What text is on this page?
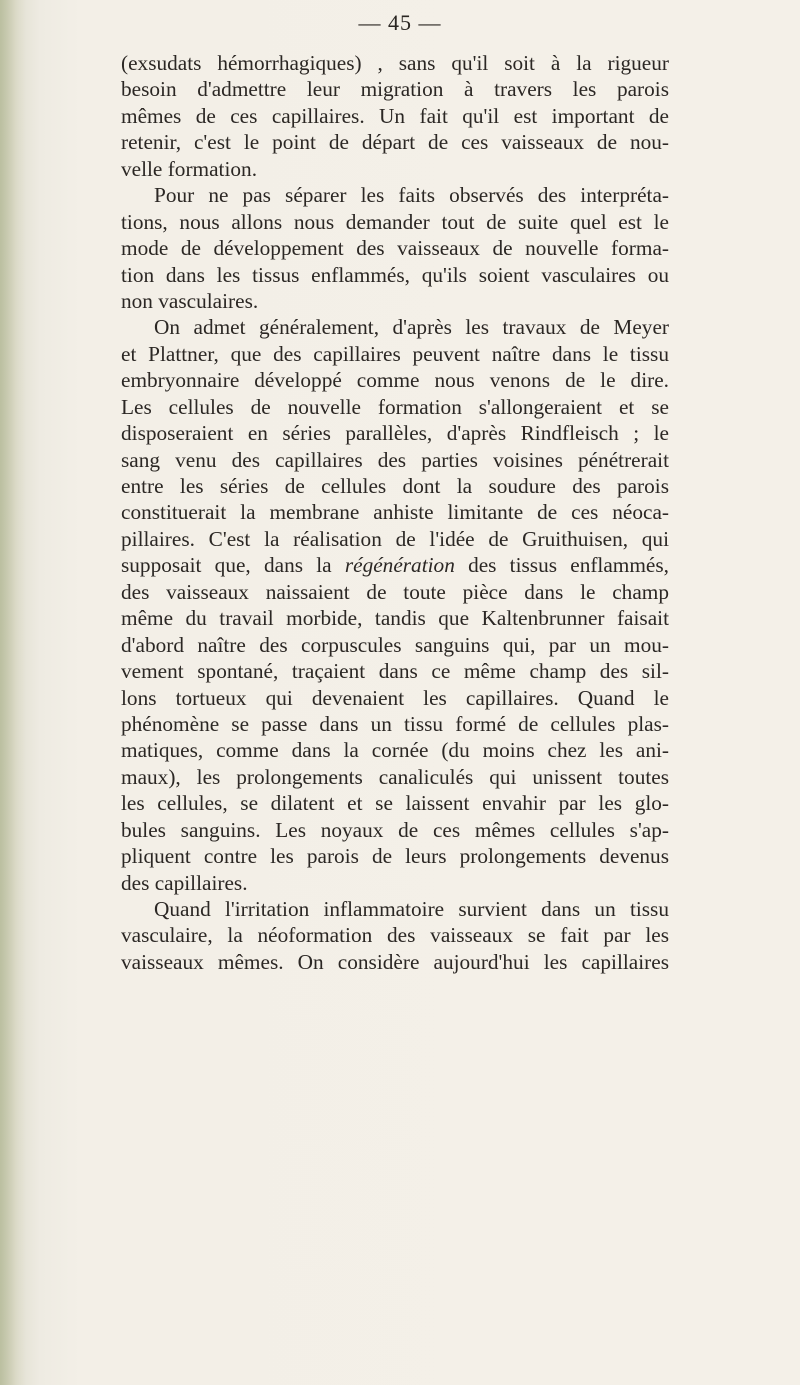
— 45 —
(exsudats hémorrhagiques) , sans qu'il soit à la rigueur
besoin d'admettre leur migration à travers les parois
mêmes de ces capillaires. Un fait qu'il est important de
retenir, c'est le point de départ de ces vaisseaux de nou-
velle formation.
Pour ne pas séparer les faits observés des interpréta-
tions, nous allons nous demander tout de suite quel est le
mode de développement des vaisseaux de nouvelle forma-
tion dans les tissus enflammés, qu'ils soient vasculaires ou
non vasculaires.
On admet généralement, d'après les travaux de Meyer
et Plattner, que des capillaires peuvent naître dans le tissu
embryonnaire développé comme nous venons de le dire.
Les cellules de nouvelle formation s'allongeraient et se
disposeraient en séries parallèles, d'après Rindfleisch ; le
sang venu des capillaires des parties voisines pénétrerait
entre les séries de cellules dont la soudure des parois
constituerait la membrane anhiste limitante de ces néoca-
pillaires. C'est la réalisation de l'idée de Gruithuisen, qui
supposait que, dans la régénération des tissus enflammés,
des vaisseaux naissaient de toute pièce dans le champ
même du travail morbide, tandis que Kaltenbrunner faisait
d'abord naître des corpuscules sanguins qui, par un mou-
vement spontané, traçaient dans ce même champ des sil-
lons tortueux qui devenaient les capillaires. Quand le
phénomène se passe dans un tissu formé de cellules plas-
matiques, comme dans la cornée (du moins chez les ani-
maux), les prolongements canaliculés qui unissent toutes
les cellules, se dilatent et se laissent envahir par les glo-
bules sanguins. Les noyaux de ces mêmes cellules s'ap-
pliquent contre les parois de leurs prolongements devenus
des capillaires.
Quand l'irritation inflammatoire survient dans un tissu
vasculaire, la néoformation des vaisseaux se fait par les
vaisseaux mêmes. On considère aujourd'hui les capillaires
